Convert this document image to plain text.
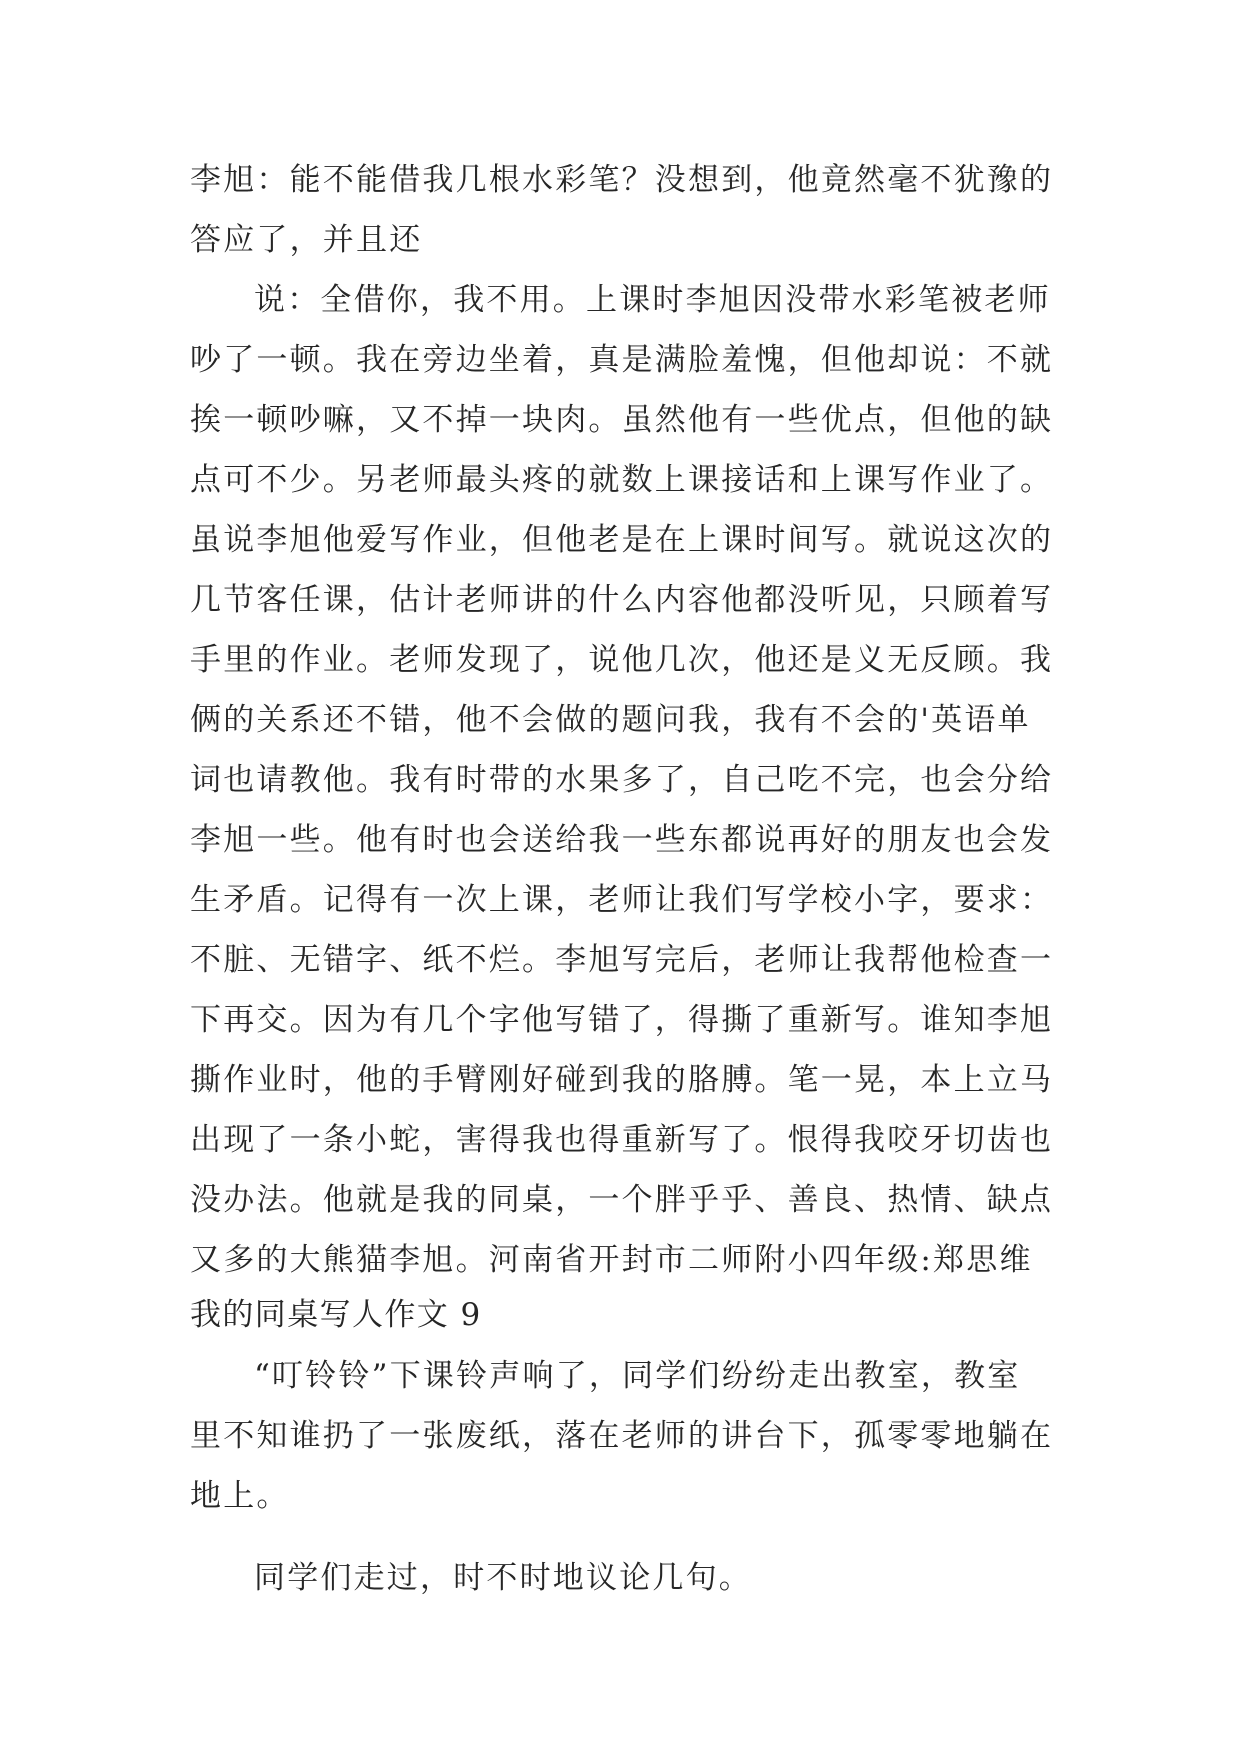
李旭：能不能借我几根水彩笔？没想到，他竟然毫不犹豫的
答应了，并且还
说：全借你，我不用。上课时李旭因没带水彩笔被老师
吵了一顿。我在旁边坐着，真是满脸羞愧，但他却说：不就
挨一顿吵嘛，又不掉一块肉。虽然他有一些优点，但他的缺
点可不少。另老师最头疼的就数上课接话和上课写作业了。
虽说李旭他爱写作业，但他老是在上课时间写。就说这次的
几节客任课，估计老师讲的什么内容他都没听见，只顾着写
手里的作业。老师发现了，说他几次，他还是义无反顾。我
俩的关系还不错，他不会做的题问我，我有不会的'英语单
词也请教他。我有时带的水果多了，自己吃不完，也会分给
李旭一些。他有时也会送给我一些东都说再好的朋友也会发
生矛盾。记得有一次上课，老师让我们写学校小字，要求：
不脏、无错字、纸不烂。李旭写完后，老师让我帮他检查一
下再交。因为有几个字他写错了，得撕了重新写。谁知李旭
撕作业时，他的手臂刚好碰到我的胳膊。笔一晃，本上立马
出现了一条小蛇，害得我也得重新写了。恨得我咬牙切齿也
没办法。他就是我的同桌，一个胖乎乎、善良、热情、缺点
又多的大熊猫李旭。河南省开封市二师附小四年级:郑思维
我的同桌写人作文 9
“叮铃铃”下课铃声响了，同学们纷纷走出教室，教室
里不知谁扔了一张废纸，落在老师的讲台下，孤零零地躺在
地上。
同学们走过，时不时地议论几句。
